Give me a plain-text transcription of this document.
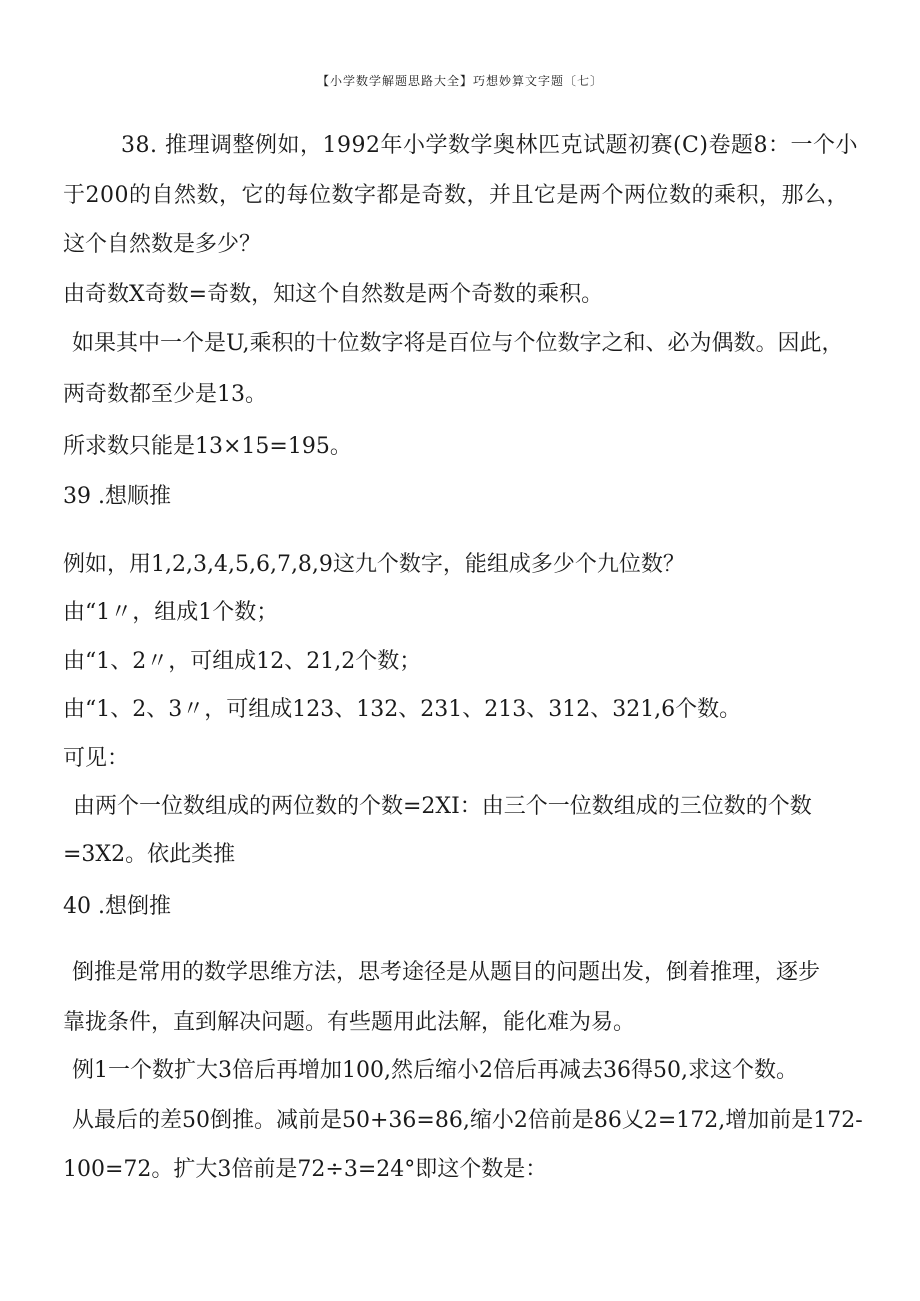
【小学数学解题思路大全】巧想妙算文字题〔七〕
38. 推理调整例如，1992年小学数学奥林匹克试题初赛(C)卷题8：一个小
于200的自然数，它的每位数字都是奇数，并且它是两个两位数的乘积，那么，
这个自然数是多少？
由奇数X奇数=奇数，知这个自然数是两个奇数的乘积。
如果其中一个是U,乘积的十位数字将是百位与个位数字之和、必为偶数。因此，
两奇数都至少是13。
所求数只能是13×15=195。
39 .想顺推
例如，用1,2,3,4,5,6,7,8,9这九个数字，能组成多少个九位数？
由“1〃，组成1个数；
由“1、2〃，可组成12、21,2个数；
由“1、2、3〃，可组成123、132、231、213、312、321,6个数。
可见：
由两个一位数组成的两位数的个数=2XI：由三个一位数组成的三位数的个数
=3X2。依此类推
40 .想倒推
倒推是常用的数学思维方法，思考途径是从题目的问题出发，倒着推理，逐步
靠拢条件，直到解决问题。有些题用此法解，能化难为易。
例1一个数扩大3倍后再增加100,然后缩小2倍后再减去36得50,求这个数。
从最后的差50倒推。减前是50+36=86,缩小2倍前是86乂2=172,增加前是172-
100=72。扩大3倍前是72÷3=24°即这个数是：
